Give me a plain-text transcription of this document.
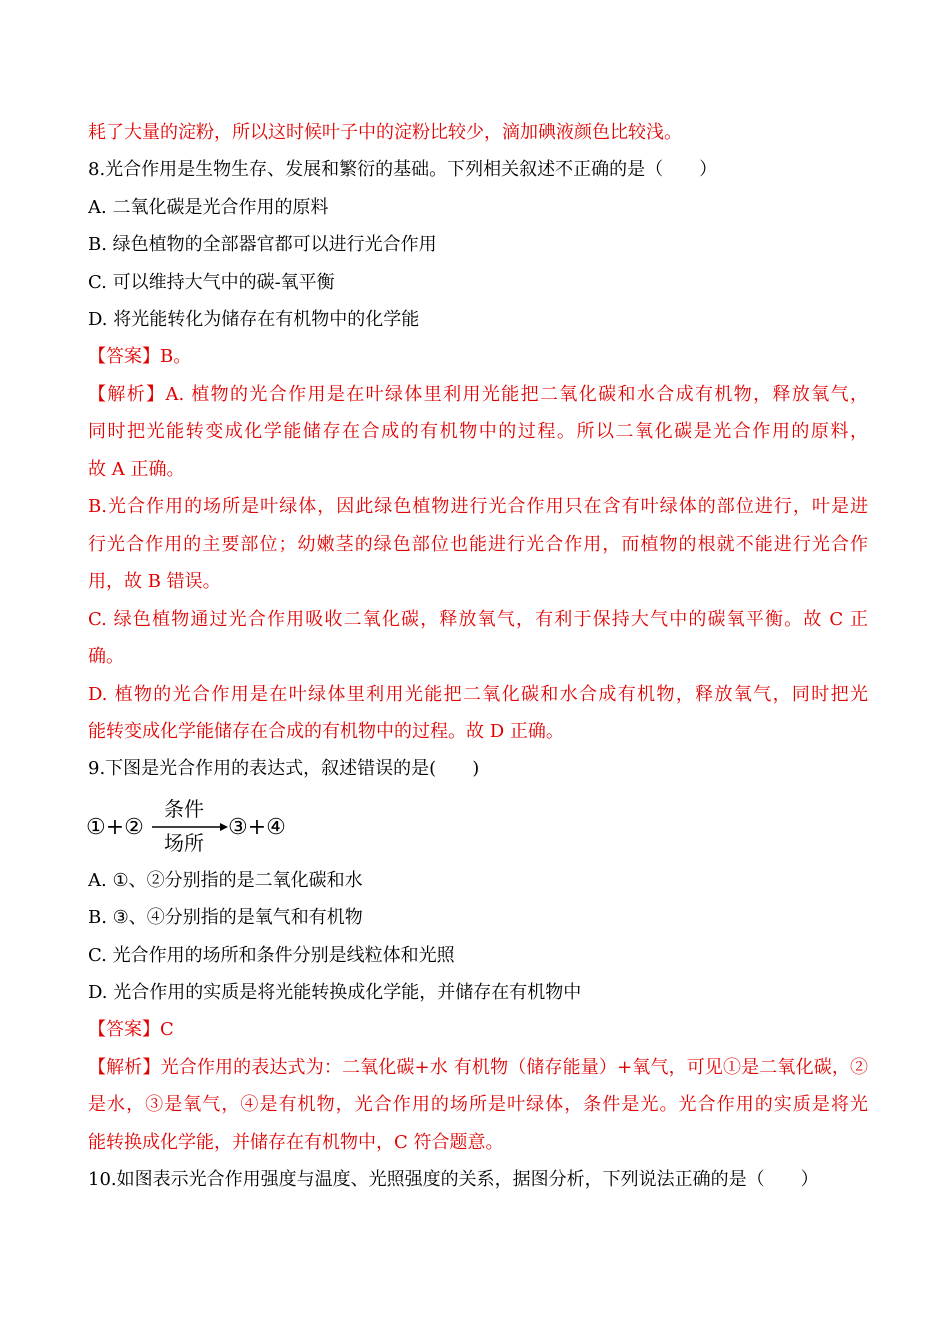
耗了大量的淀粉，所以这时候叶子中的淀粉比较少，滴加碘液颜色比较浅。
8.光合作用是生物生存、发展和繁衍的基础。下列相关叙述不正确的是（　　）
A. 二氧化碳是光合作用的原料
B. 绿色植物的全部器官都可以进行光合作用
C. 可以维持大气中的碳-氧平衡
D. 将光能转化为储存在有机物中的化学能
【答案】B。
【解析】A. 植物的光合作用是在叶绿体里利用光能把二氧化碳和水合成有机物，释放氧气，
同时把光能转变成化学能储存在合成的有机物中的过程。所以二氧化碳是光合作用的原料，
故 A 正确。
B.光合作用的场所是叶绿体，因此绿色植物进行光合作用只在含有叶绿体的部位进行，叶是进
行光合作用的主要部位；幼嫩茎的绿色部位也能进行光合作用，而植物的根就不能进行光合作
用，故 B 错误。
C. 绿色植物通过光合作用吸收二氧化碳，释放氧气，有利于保持大气中的碳氧平衡。故 C 正
确。
D. 植物的光合作用是在叶绿体里利用光能把二氧化碳和水合成有机物，释放氧气，同时把光
能转变成化学能储存在合成的有机物中的过程。故 D 正确。
9.下图是光合作用的表达式，叙述错误的是(　　)
①+②
条件
场所
③+④
A. ①、②分别指的是二氧化碳和水
B. ③、④分别指的是氧气和有机物
C. 光合作用的场所和条件分别是线粒体和光照
D. 光合作用的实质是将光能转换成化学能，并储存在有机物中
【答案】C
【解析】光合作用的表达式为：二氧化碳+水 有机物（储存能量）+氧气，可见①是二氧化碳，②
是水，③是氧气，④是有机物，光合作用的场所是叶绿体，条件是光。光合作用的实质是将光
能转换成化学能，并储存在有机物中，C 符合题意。
10.如图表示光合作用强度与温度、光照强度的关系，据图分析，下列说法正确的是（　　）
